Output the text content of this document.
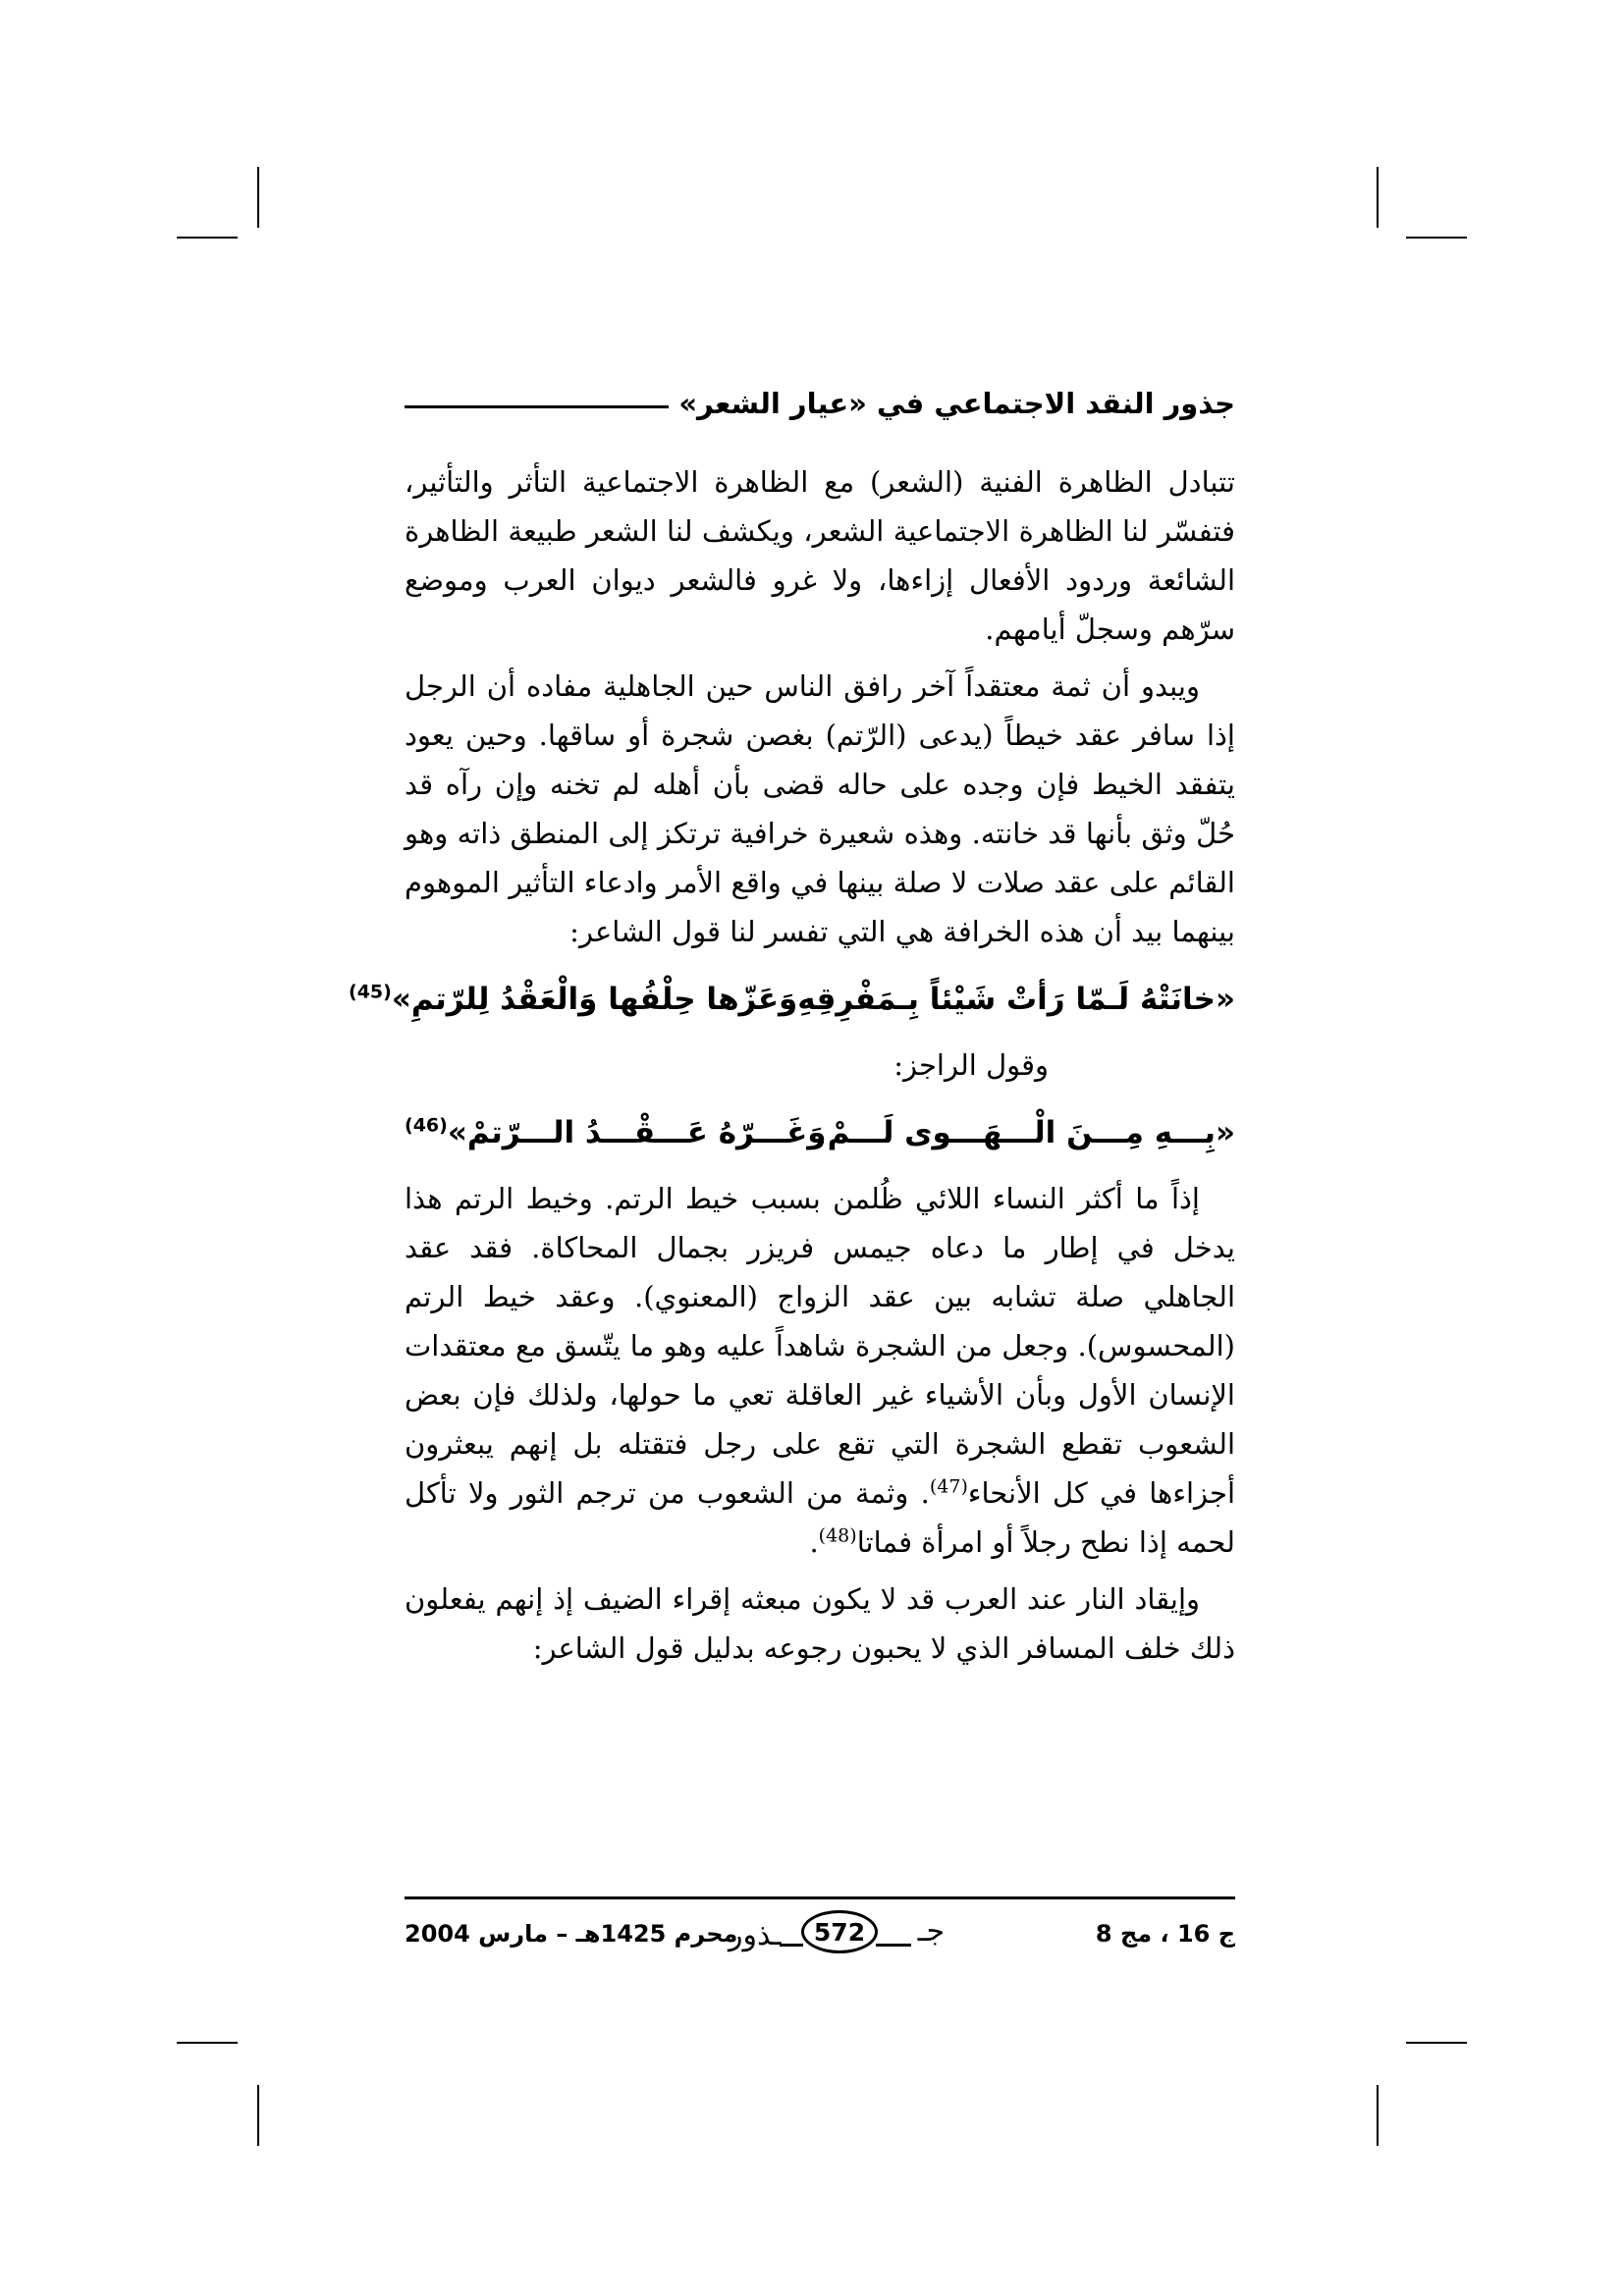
جذور النقد الاجتماعي في «عيار الشعر»

تتبادل الظاهرة الفنية (الشعر) مع الظاهرة الاجتماعية التأثر والتأثير، فتفسّر لنا الظاهرة الاجتماعية الشعر، ويكشف لنا الشعر طبيعة الظاهرة الشائعة وردود الأفعال إزاءها، ولا غرو فالشعر ديوان العرب وموضع سرّهم وسجلّ أيامهم.

ويبدو أن ثمة معتقداً آخر رافق الناس حين الجاهلية مفاده أن الرجل إذا سافر عقد خيطاً (يدعى (الرّتم) بغصن شجرة أو ساقها. وحين يعود يتفقد الخيط فإن وجده على حاله قضى بأن أهله لم تخنه وإن رآه قد حُلّ وثق بأنها قد خانته. وهذه شعيرة خرافية ترتكز إلى المنطق ذاته وهو القائم على عقد صلات لا صلة بينها في واقع الأمر وادعاء التأثير الموهوم بينهما بيد أن هذه الخرافة هي التي تفسر لنا قول الشاعر:

«خانَتْهُ لَـمّا رَأتْ شَيْئاً بِـمَفْرِقِهِ
وَعَزّها حِلْفُها وَالْعَقْدُ لِلرّتمِ»$^{(45)}$

وقول الراجز:

«بِـــهِ مِـــنَ الْـــهَـــوى لَـــمْ
وَغَـــرّهُ عَـــقْـــدُ الـــرّتمْ»$^{(46)}$

إذاً ما أكثر النساء اللائي ظُلمن بسبب خيط الرتم. وخيط الرتم هذا يدخل في إطار ما دعاه جيمس فريزر بجمال المحاكاة. فقد عقد الجاهلي صلة تشابه بين عقد الزواج (المعنوي). وعقد خيط الرتم (المحسوس). وجعل من الشجرة شاهداً عليه وهو ما يتّسق مع معتقدات الإنسان الأول وبأن الأشياء غير العاقلة تعي ما حولها، ولذلك فإن بعض الشعوب تقطع الشجرة التي تقع على رجل فتقتله بل إنهم يبعثرون أجزاءها في كل الأنحاء$^{(47)}$. وثمة من الشعوب من ترجم الثور ولا تأكل لحمه إذا نطح رجلاً أو امرأة فماتا$^{(48)}$.

وإيقاد النار عند العرب قد لا يكون مبعثه إقراء الضيف إذ إنهم يفعلون ذلك خلف المسافر الذي لا يحبون رجوعه بدليل قول الشاعر:

ج 16 ، مج 8
جـ
572
ـذور
محرم 1425هـ – مارس 2004
